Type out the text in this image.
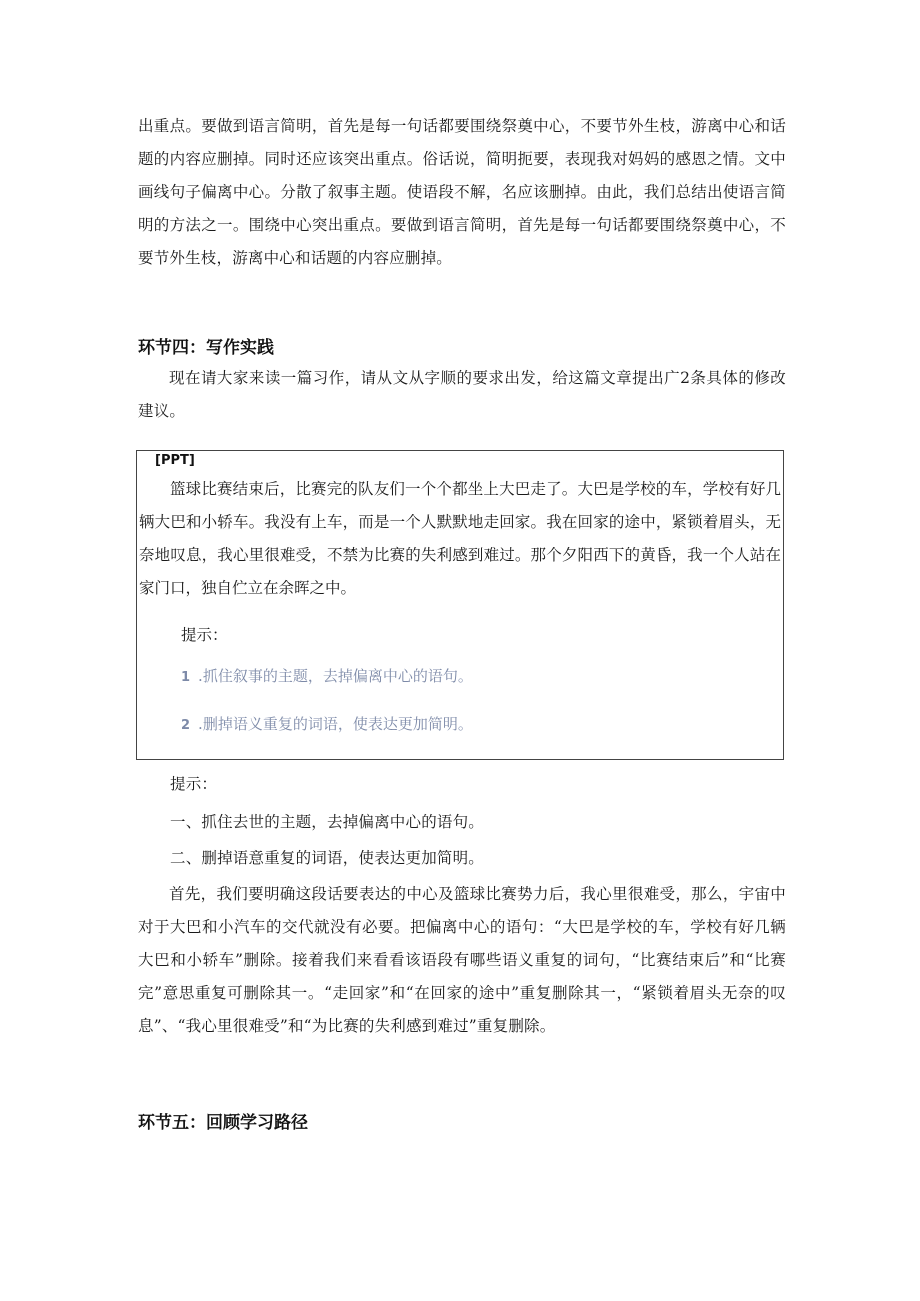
出重点。要做到语言简明，首先是每一句话都要围绕祭奠中心，不要节外生枝，游离中心和话题的内容应删掉。同时还应该突出重点。俗话说，简明扼要，表现我对妈妈的感恩之情。文中画线句子偏离中心。分散了叙事主题。使语段不解，名应该删掉。由此，我们总结出使语言简明的方法之一。围绕中心突出重点。要做到语言简明，首先是每一句话都要围绕祭奠中心，不要节外生枝，游离中心和话题的内容应删掉。

环节四：写作实践

现在请大家来读一篇习作，请从文从字顺的要求出发，给这篇文章提出广2条具体的修改建议。

[PPT]

篮球比赛结束后，比赛完的队友们一个个都坐上大巴走了。大巴是学校的车，学校有好几辆大巴和小轿车。我没有上车，而是一个人默默地走回家。我在回家的途中，紧锁着眉头，无奈地叹息，我心里很难受，不禁为比赛的失利感到难过。那个夕阳西下的黄昏，我一个人站在家门口，独自伫立在余晖之中。

提示：

1 .抓住叙事的主题，去掉偏离中心的语句。

2 .删掉语义重复的词语，使表达更加简明。

提示：

一、抓住去世的主题，去掉偏离中心的语句。

二、删掉语意重复的词语，使表达更加简明。

首先，我们要明确这段话要表达的中心及篮球比赛势力后，我心里很难受，那么，宇宙中对于大巴和小汽车的交代就没有必要。把偏离中心的语句：“大巴是学校的车，学校有好几辆大巴和小轿车”删除。接着我们来看看该语段有哪些语义重复的词句，“比赛结束后”和“比赛完”意思重复可删除其一。“走回家”和“在回家的途中”重复删除其一，“紧锁着眉头无奈的叹息”、“我心里很难受”和“为比赛的失利感到难过”重复删除。

环节五：回顾学习路径
